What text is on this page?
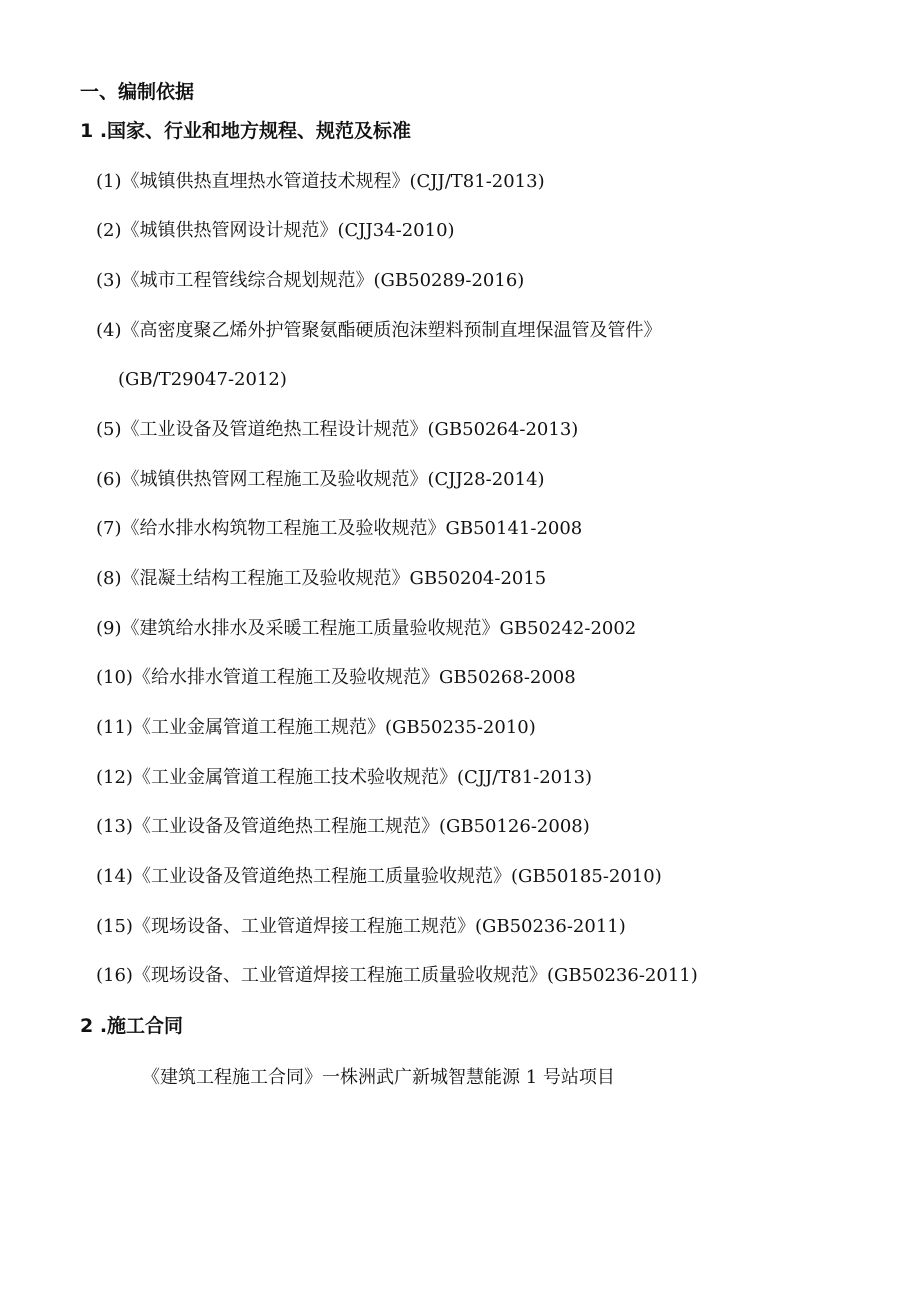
一、编制依据
1 .国家、行业和地方规程、规范及标准
(1)《城镇供热直埋热水管道技术规程》(CJJ/T81-2013)
(2)《城镇供热管网设计规范》(CJJ34-2010)
(3)《城市工程管线综合规划规范》(GB50289-2016)
(4)《高密度聚乙烯外护管聚氨酯硬质泡沫塑料预制直埋保温管及管件》
(GB/T29047-2012)
(5)《工业设备及管道绝热工程设计规范》(GB50264-2013)
(6)《城镇供热管网工程施工及验收规范》(CJJ28-2014)
(7)《给水排水构筑物工程施工及验收规范》GB50141-2008
(8)《混凝土结构工程施工及验收规范》GB50204-2015
(9)《建筑给水排水及采暖工程施工质量验收规范》GB50242-2002
(10)《给水排水管道工程施工及验收规范》GB50268-2008
(11)《工业金属管道工程施工规范》(GB50235-2010)
(12)《工业金属管道工程施工技术验收规范》(CJJ/T81-2013)
(13)《工业设备及管道绝热工程施工规范》(GB50126-2008)
(14)《工业设备及管道绝热工程施工质量验收规范》(GB50185-2010)
(15)《现场设备、工业管道焊接工程施工规范》(GB50236-2011)
(16)《现场设备、工业管道焊接工程施工质量验收规范》(GB50236-2011)
2 .施工合同
《建筑工程施工合同》一株洲武广新城智慧能源 1 号站项目
